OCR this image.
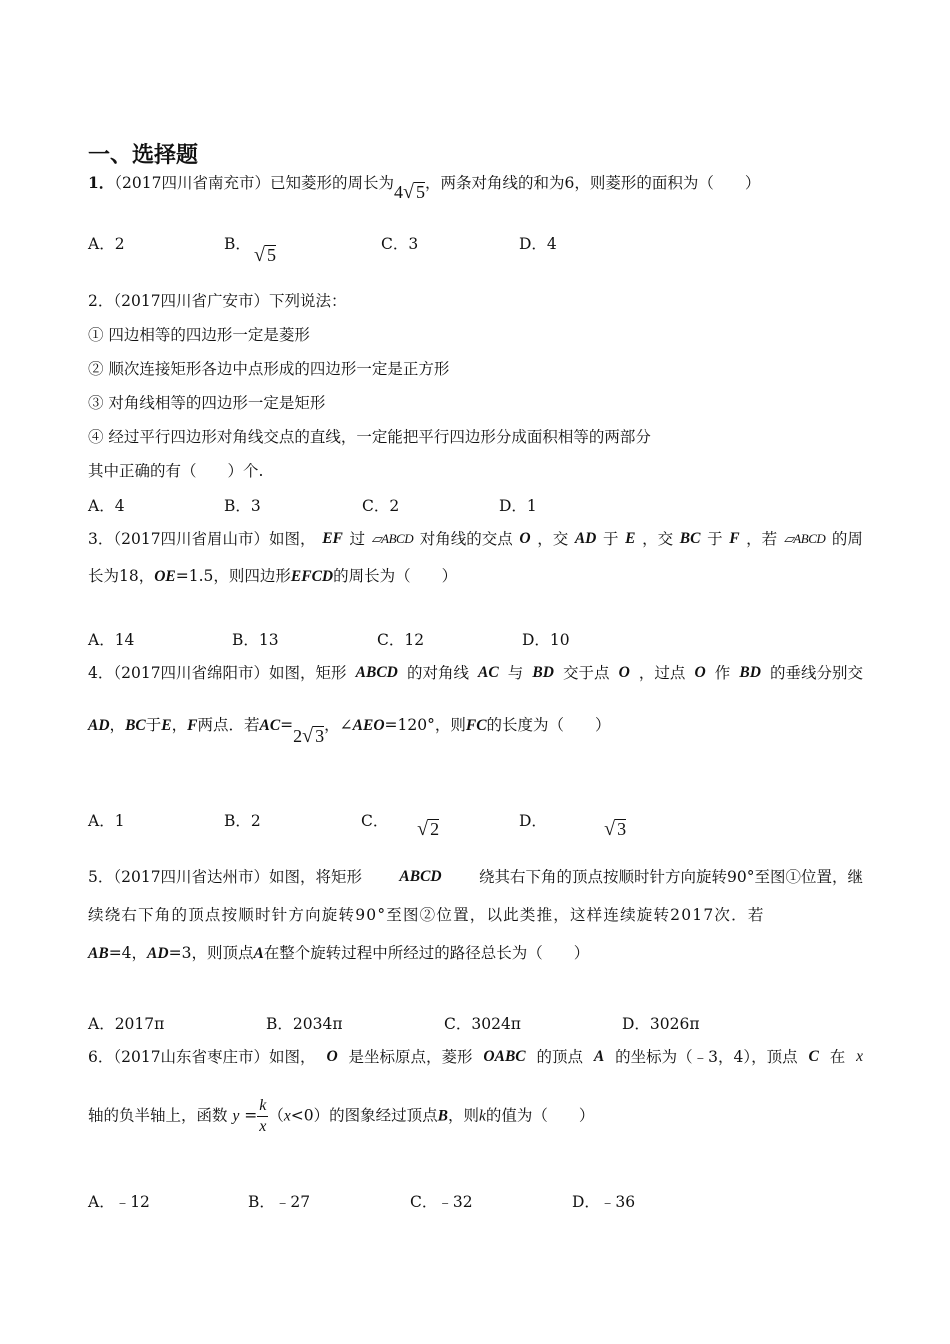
一、选择题
1．（2017四川省南充市）已知菱形的周长为4√ 5，两条对角线的和为6，则菱形的面积为（　　）
A．2	B． √ 5
C．3	D．4
2．（2017四川省广安市）下列说法：
① 四边相等的四边形一定是菱形
② 顺次连接矩形各边中点形成的四边形一定是正方形
③ 对角线相等的四边形一定是矩形
④ 经过平行四边形对角线交点的直线，一定能把平行四边形分成面积相等的两部分
其中正确的有（　　）个.
A．4	B．3	C．2	D．1
3．（2017四川省眉山市）如图， EF 过 ▱ABCD 对角线的交点 O ，交 AD 于 E ，交 BC 于 F ，若 ▱ABCD 的周
长为18，OE=1.5，则四边形EFCD的周长为（　　）
A．14	B．13	C．12	D．10
4．（2017四川省绵阳市）如图，矩形 ABCD 的对角线 AC 与 BD 交于点 O ，过点 O 作 BD 的垂线分别交
AD，BC于E，F两点．若AC=2√ 3，∠AEO=120°，则FC的长度为（　　）
A．1	B．2	C． √ 2	D．	√ 3
5．（2017四川省达州市）如图，将矩形 ABCD 绕其右下角的顶点按顺时针方向旋转90°至图①位置，继
续绕右下角的顶点按顺时针方向旋转90°至图②位置，以此类推，这样连续旋转2017次．若
AB=4，AD=3，则顶点A在整个旋转过程中所经过的路径总长为（　　）
A．2017π	B．2034π	C．3024π	D．3026π
6．（2017山东省枣庄市）如图， O 是坐标原点，菱形 OABC 的顶点 A 的坐标为（﹣3，4），顶点 C 在 x
轴的负半轴上，函数 $y = \frac{k}{x} (x<0)$的图象经过顶点B，则k的值为（　　）
A．﹣12	B．﹣27	C．﹣32	D．﹣36
